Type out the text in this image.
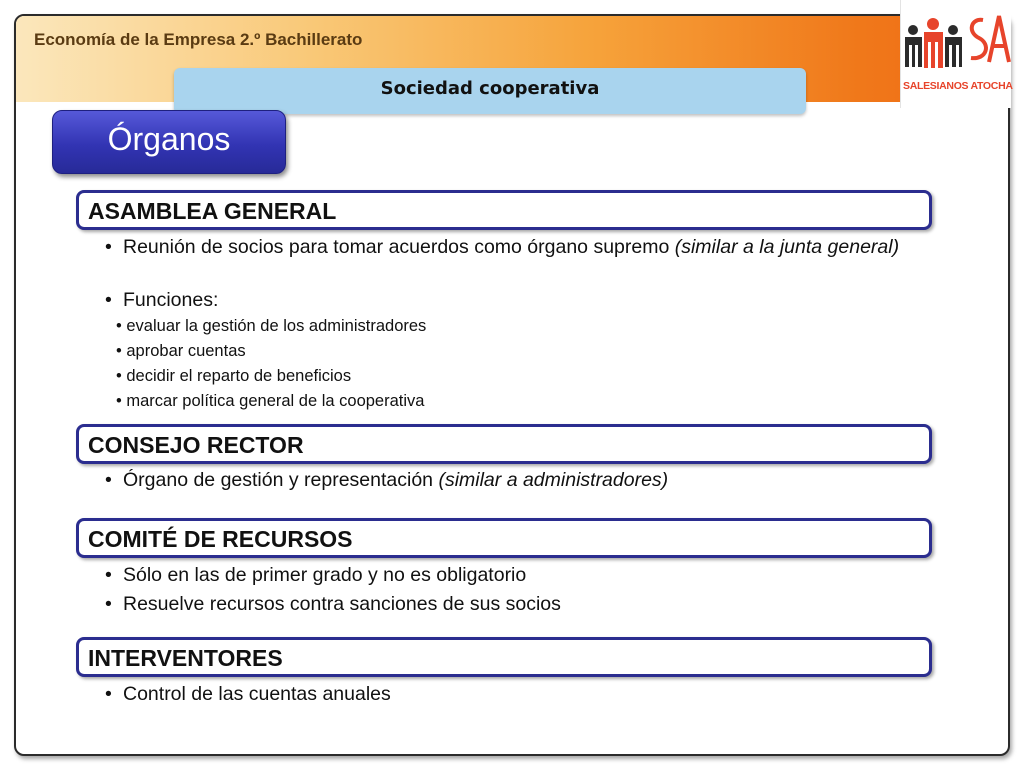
Economía de la Empresa 2.º Bachillerato
SALESIANOS ATOCHA
Sociedad cooperativa
Órganos
ASAMBLEA GENERAL
• Reunión de socios para tomar acuerdos como órgano supremo (similar a la junta general)
• Funciones:
• evaluar la gestión de los administradores
• aprobar cuentas
• decidir el reparto de beneficios
• marcar política general de la cooperativa
CONSEJO RECTOR
• Órgano de gestión y representación (similar a administradores)
COMITÉ DE RECURSOS
• Sólo en las de primer grado y no es obligatorio
• Resuelve recursos contra sanciones de sus socios
INTERVENTORES
• Control de las cuentas anuales
